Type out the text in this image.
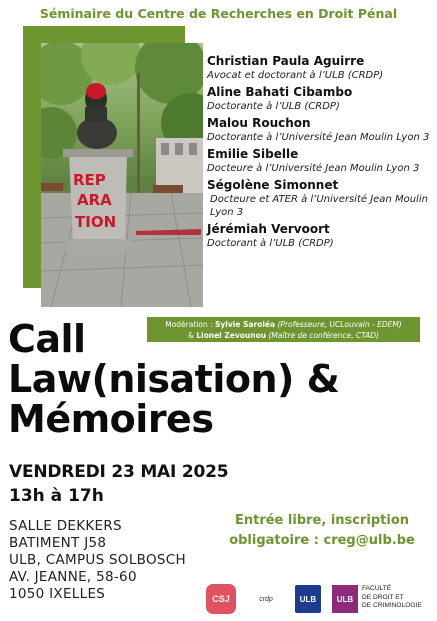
Séminaire du Centre de Recherches en Droit Pénal
REP
ARA
TION
Christian Paula Aguirre
Avocat et doctorant à l’ULB (CRDP)
Aline Bahati Cibambo
Doctorante à l’ULB (CRDP)
Malou Rouchon
Doctorante à l’Université Jean Moulin Lyon 3
Emilie Sibelle
Docteure à l’Université Jean Moulin Lyon 3
Ségolène Simonnet
Docteure et ATER à l’Université Jean Moulin Lyon 3
Jérémiah Vervoort
Doctorant à l’ULB (CRDP)
Modération : Sylvie Saroléa (Professeure, UCLouvain - EDEM)
& Lionel Zevounou (Maître de conférence, CTAD)
Call
Law(nisation) &
Mémoires
VENDREDI 23 MAI 2025
13h à 17h
SALLE DEKKERS
BATIMENT J58
ULB, CAMPUS SOLBOSCH
AV. JEANNE, 58-60
1050 IXELLES
Entrée libre, inscription
obligatoire : creg@ulb.be
CSJ	crdp	ULB	ULB
FACULTÉ
DE DROIT ET
DE CRIMINOLOGIE
